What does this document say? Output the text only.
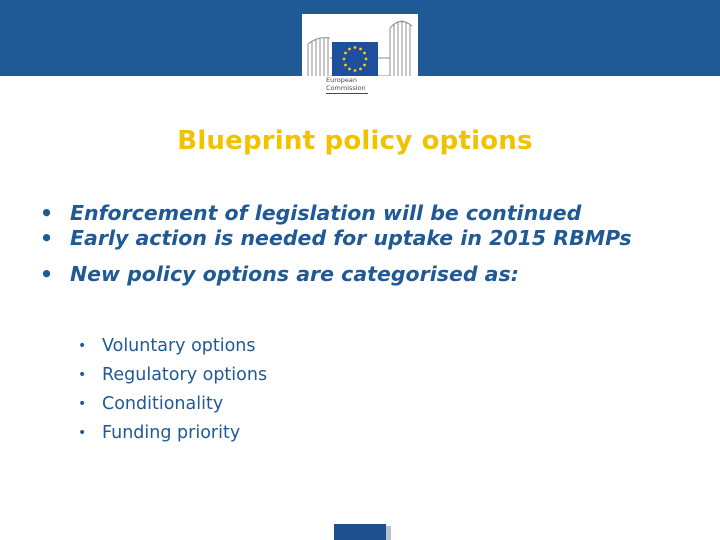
European
Commission
Blueprint policy options
• Enforcement of legislation will be continued
• Early action is needed for uptake in 2015 RBMPs
• New policy options are categorised as:
• Voluntary options
• Regulatory options
• Conditionality
• Funding priority
